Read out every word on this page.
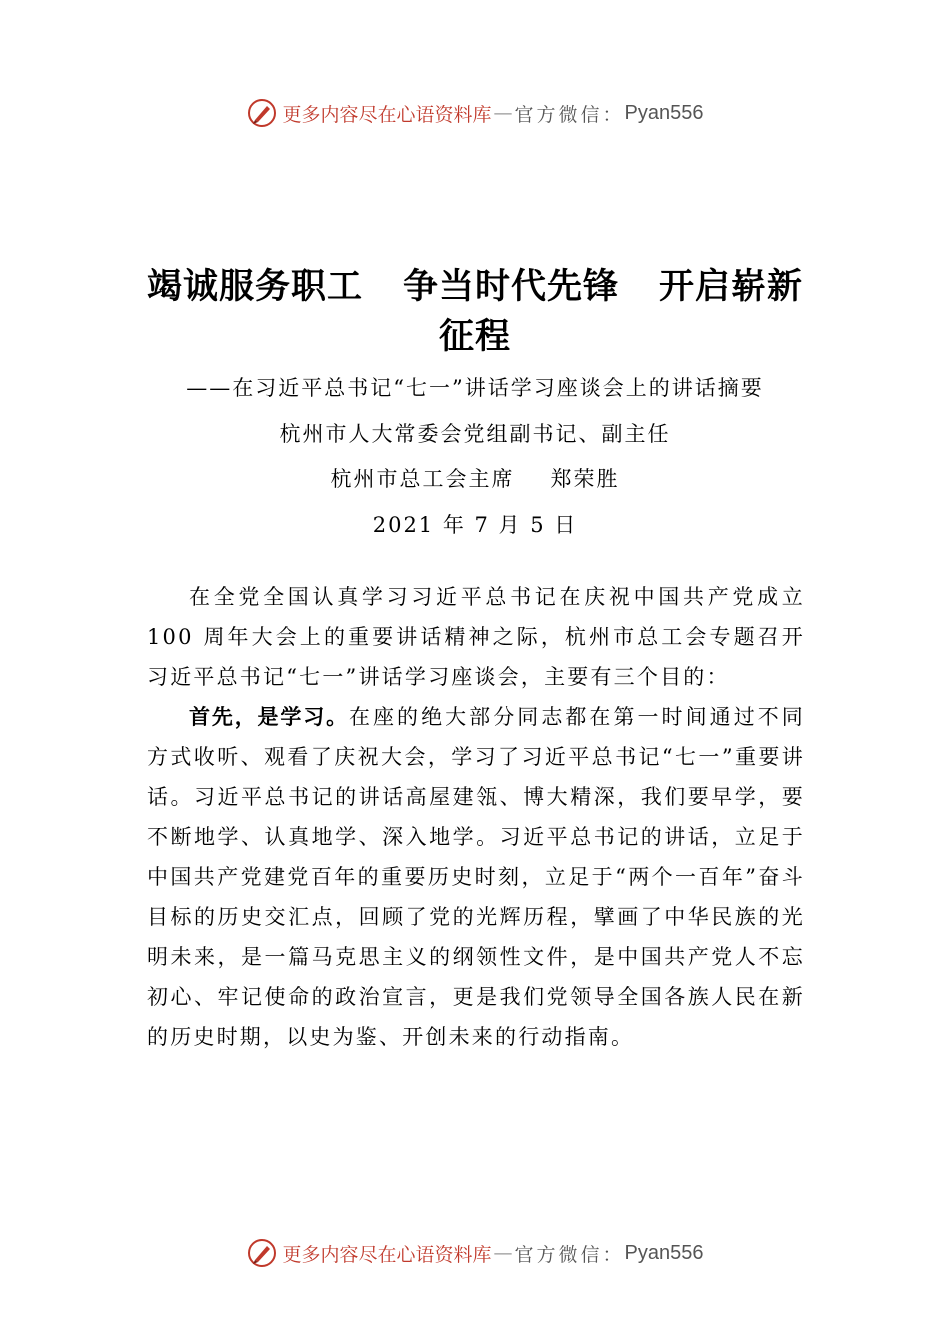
更多内容尽在心语资料库 — 官方微信： Pyan556
竭诚服务职工 争当时代先锋 开启崭新征程
——在习近平总书记“七一”讲话学习座谈会上的讲话摘要
杭州市人大常委会党组副书记、副主任
杭州市总工会主席 郑荣胜
2021 年 7 月 5 日

在全党全国认真学习习近平总书记在庆祝中国共产党成立 100 周年大会上的重要讲话精神之际，杭州市总工会专题召开习近平总书记“七一”讲话学习座谈会，主要有三个目的：

首先，是学习。在座的绝大部分同志都在第一时间通过不同方式收听、观看了庆祝大会，学习了习近平总书记“七一”重要讲话。习近平总书记的讲话高屋建瓴、博大精深，我们要早学，要不断地学、认真地学、深入地学。习近平总书记的讲话，立足于中国共产党建党百年的重要历史时刻，立足于“两个一百年”奋斗目标的历史交汇点，回顾了党的光辉历程，擘画了中华民族的光明未来，是一篇马克思主义的纲领性文件，是中国共产党人不忘初心、牢记使命的政治宣言，更是我们党领导全国各族人民在新的历史时期，以史为鉴、开创未来的行动指南。

更多内容尽在心语资料库 — 官方微信： Pyan556
